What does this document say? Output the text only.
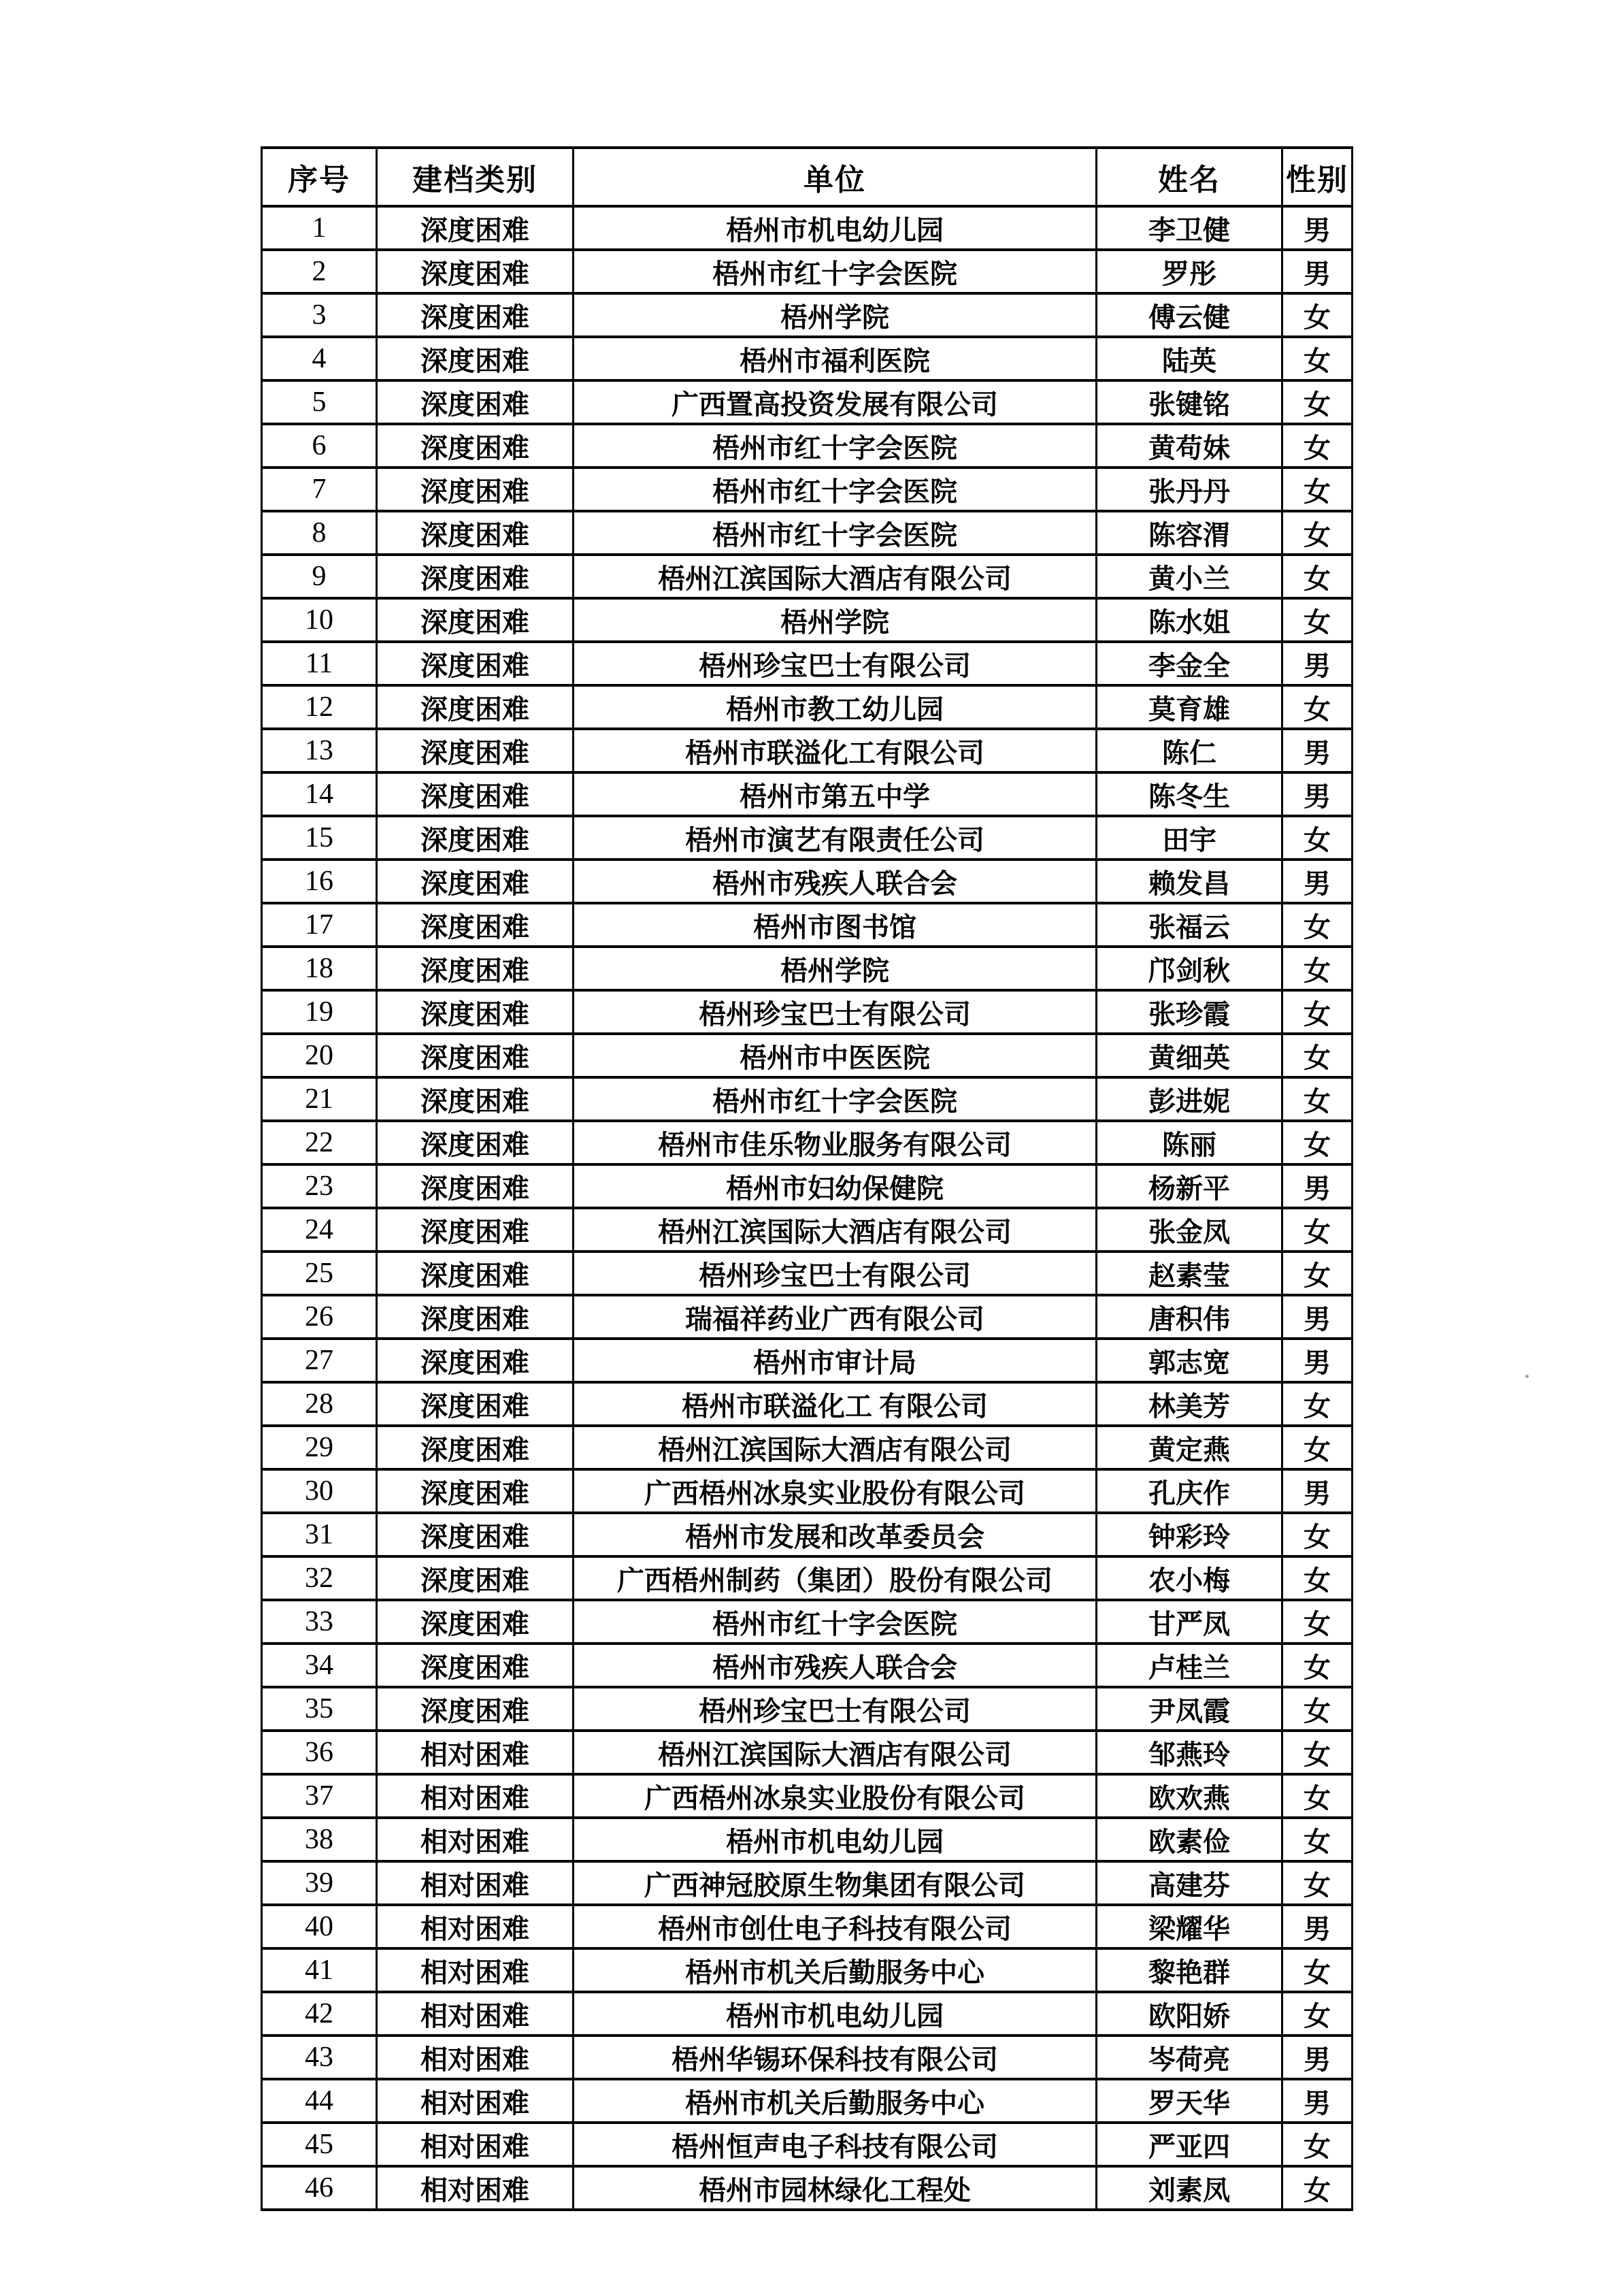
序号	建档类别	单位	姓名	性别
1	深度困难	梧州市机电幼儿园	李卫健	男
2	深度困难	梧州市红十字会医院	罗彤	男
3	深度困难	梧州学院	傅云健	女
4	深度困难	梧州市福利医院	陆英	女
5	深度困难	广西置高投资发展有限公司	张键铭	女
6	深度困难	梧州市红十字会医院	黄苟妹	女
7	深度困难	梧州市红十字会医院	张丹丹	女
8	深度困难	梧州市红十字会医院	陈容渭	女
9	深度困难	梧州江滨国际大酒店有限公司	黄小兰	女
10	深度困难	梧州学院	陈水姐	女
11	深度困难	梧州珍宝巴士有限公司	李金全	男
12	深度困难	梧州市教工幼儿园	莫育雄	女
13	深度困难	梧州市联溢化工有限公司	陈仁	男
14	深度困难	梧州市第五中学	陈冬生	男
15	深度困难	梧州市演艺有限责任公司	田宇	女
16	深度困难	梧州市残疾人联合会	赖发昌	男
17	深度困难	梧州市图书馆	张福云	女
18	深度困难	梧州学院	邝剑秋	女
19	深度困难	梧州珍宝巴士有限公司	张珍霞	女
20	深度困难	梧州市中医医院	黄细英	女
21	深度困难	梧州市红十字会医院	彭进妮	女
22	深度困难	梧州市佳乐物业服务有限公司	陈丽	女
23	深度困难	梧州市妇幼保健院	杨新平	男
24	深度困难	梧州江滨国际大酒店有限公司	张金凤	女
25	深度困难	梧州珍宝巴士有限公司	赵素莹	女
26	深度困难	瑞福祥药业广西有限公司	唐积伟	男
27	深度困难	梧州市审计局	郭志宽	男
28	深度困难	梧州市联溢化工 有限公司	林美芳	女
29	深度困难	梧州江滨国际大酒店有限公司	黄定燕	女
30	深度困难	广西梧州冰泉实业股份有限公司	孔庆作	男
31	深度困难	梧州市发展和改革委员会	钟彩玲	女
32	深度困难	广西梧州制药（集团）股份有限公司	农小梅	女
33	深度困难	梧州市红十字会医院	甘严凤	女
34	深度困难	梧州市残疾人联合会	卢桂兰	女
35	深度困难	梧州珍宝巴士有限公司	尹凤霞	女
36	相对困难	梧州江滨国际大酒店有限公司	邹燕玲	女
37	相对困难	广西梧州冰泉实业股份有限公司	欧欢燕	女
38	相对困难	梧州市机电幼儿园	欧素俭	女
39	相对困难	广西神冠胶原生物集团有限公司	高建芬	女
40	相对困难	梧州市创仕电子科技有限公司	梁耀华	男
41	相对困难	梧州市机关后勤服务中心	黎艳群	女
42	相对困难	梧州市机电幼儿园	欧阳娇	女
43	相对困难	梧州华锡环保科技有限公司	岑荷亮	男
44	相对困难	梧州市机关后勤服务中心	罗天华	男
45	相对困难	梧州恒声电子科技有限公司	严亚四	女
46	相对困难	梧州市园林绿化工程处	刘素凤	女
